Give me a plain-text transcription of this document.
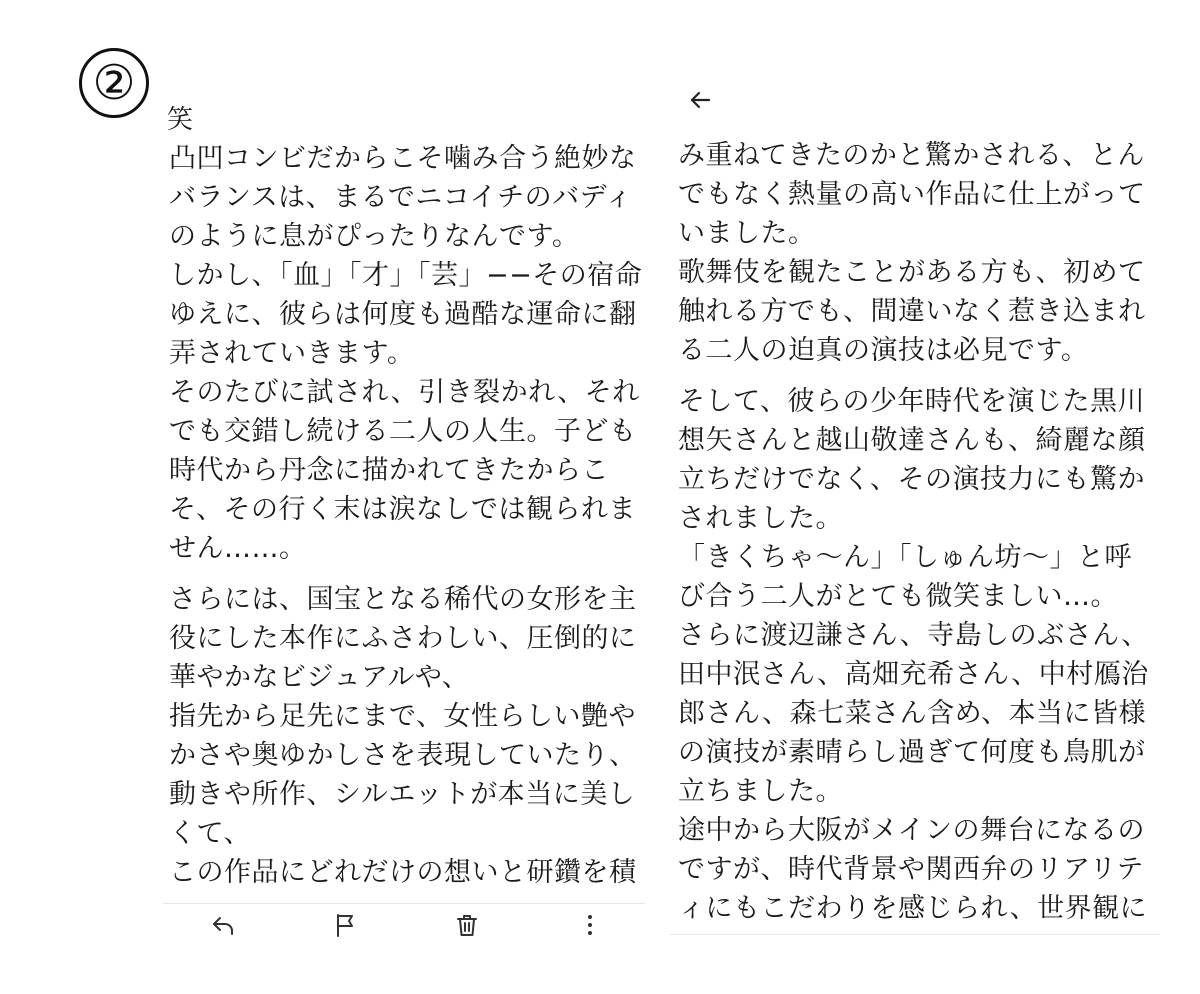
②
笑
凸凹コンビだからこそ噛み合う絶妙な
バランスは、まるでニコイチのバディ
のように息がぴったりなんです。
しかし、「血」「才」「芸」−−その宿命
ゆえに、彼らは何度も過酷な運命に翻
弄されていきます。
そのたびに試され、引き裂かれ、それ
でも交錯し続ける二人の人生。子ども
時代から丹念に描かれてきたからこ
そ、その行く末は涙なしでは観られま
せん……。
さらには、国宝となる稀代の女形を主
役にした本作にふさわしい、圧倒的に
華やかなビジュアルや、
指先から足先にまで、女性らしい艶や
かさや奥ゆかしさを表現していたり、
動きや所作、シルエットが本当に美し
くて、
この作品にどれだけの想いと研鑽を積
み重ねてきたのかと驚かされる、とん
でもなく熱量の高い作品に仕上がって
いました。
歌舞伎を観たことがある方も、初めて
触れる方でも、間違いなく惹き込まれ
る二人の迫真の演技は必見です。
そして、彼らの少年時代を演じた黒川
想矢さんと越山敬達さんも、綺麗な顔
立ちだけでなく、その演技力にも驚か
されました。
「きくちゃ〜ん」「しゅん坊〜」と呼
び合う二人がとても微笑ましい…。
さらに渡辺謙さん、寺島しのぶさん、
田中泯さん、高畑充希さん、中村鴈治
郎さん、森七菜さん含め、本当に皆様
の演技が素晴らし過ぎて何度も鳥肌が
立ちました。
途中から大阪がメインの舞台になるの
ですが、時代背景や関西弁のリアリテ
ィにもこだわりを感じられ、世界観に
